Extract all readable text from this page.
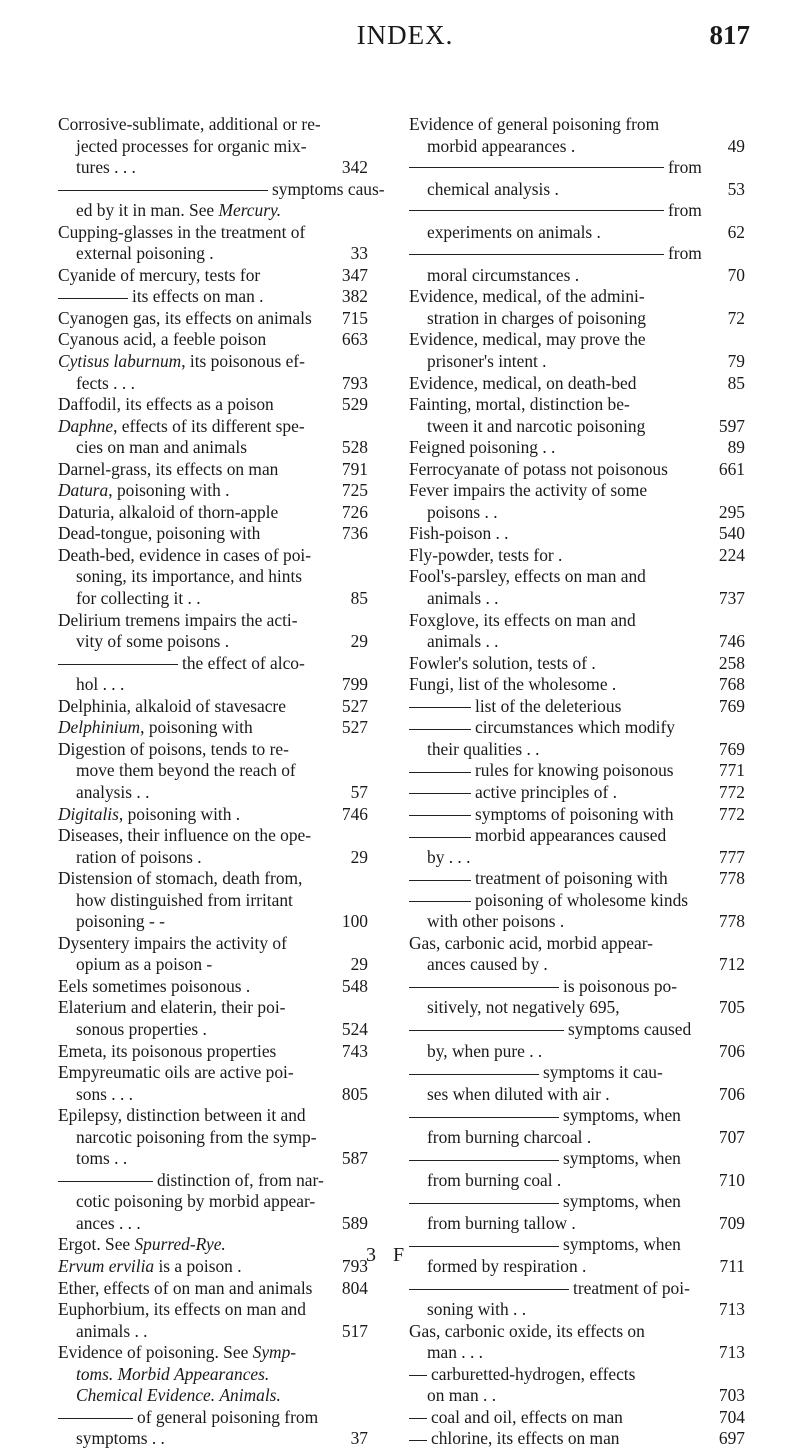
INDEX.	817
Corrosive-sublimate, additional or re-
jected processes for organic mix-
tures . . .	342
symptoms caus-
ed by it in man. See Mercury.
Cupping-glasses in the treatment of
external poisoning .	33
Cyanide of mercury, tests for	347
its effects on man .	382
Cyanogen gas, its effects on animals	715
Cyanous acid, a feeble poison	663
Cytisus laburnum, its poisonous ef-
fects . . .	793
Daffodil, its effects as a poison	529
Daphne, effects of its different spe-
cies on man and animals	528
Darnel-grass, its effects on man	791
Datura, poisoning with .	725
Daturia, alkaloid of thorn-apple	726
Dead-tongue, poisoning with	736
Death-bed, evidence in cases of poi-
soning, its importance, and hints
for collecting it . .	85
Delirium tremens impairs the acti-
vity of some poisons .	29
the effect of alco-
hol . . .	799
Delphinia, alkaloid of stavesacre	527
Delphinium, poisoning with	527
Digestion of poisons, tends to re-
move them beyond the reach of
analysis . .	57
Digitalis, poisoning with .	746
Diseases, their influence on the ope-
ration of poisons .	29
Distension of stomach, death from,
how distinguished from irritant
poisoning - -	100
Dysentery impairs the activity of
opium as a poison -	29
Eels sometimes poisonous .	548
Elaterium and elaterin, their poi-
sonous properties .	524
Emeta, its poisonous properties	743
Empyreumatic oils are active poi-
sons . . .	805
Epilepsy, distinction between it and
narcotic poisoning from the symp-
toms . .	587
distinction of, from nar-
cotic poisoning by morbid appear-
ances . . .	589
Ergot. See Spurred-Rye.
Ervum ervilia is a poison .	793
Ether, effects of on man and animals	804
Euphorbium, its effects on man and
animals . .	517
Evidence of poisoning. See Symp-
toms. Morbid Appearances.
Chemical Evidence. Animals.
of general poisoning from
symptoms . .	37
Evidence of general poisoning from
morbid appearances .	49
from
chemical analysis .	53
from
experiments on animals .	62
from
moral circumstances .	70
Evidence, medical, of the admini-
stration in charges of poisoning	72
Evidence, medical, may prove the
prisoner's intent .	79
Evidence, medical, on death-bed	85
Fainting, mortal, distinction be-
tween it and narcotic poisoning	597
Feigned poisoning . .	89
Ferrocyanate of potass not poisonous	661
Fever impairs the activity of some
poisons . .	295
Fish-poison . .	540
Fly-powder, tests for .	224
Fool's-parsley, effects on man and
animals . .	737
Foxglove, its effects on man and
animals . .	746
Fowler's solution, tests of .	258
Fungi, list of the wholesome .	768
list of the deleterious	769
circumstances which modify
their qualities . .	769
rules for knowing poisonous	771
active principles of .	772
symptoms of poisoning with	772
morbid appearances caused
by . . .	777
treatment of poisoning with	778
poisoning of wholesome kinds
with other poisons .	778
Gas, carbonic acid, morbid appear-
ances caused by .	712
is poisonous po-
sitively, not negatively 695,	705
symptoms caused
by, when pure . .	706
symptoms it cau-
ses when diluted with air .	706
symptoms, when
from burning charcoal .	707
symptoms, when
from burning coal .	710
symptoms, when
from burning tallow .	709
symptoms, when
formed by respiration .	711
treatment of poi-
soning with . .	713
Gas, carbonic oxide, its effects on
man . . .	713
carburetted-hydrogen, effects
on man . .	703
coal and oil, effects on man	704
chlorine, its effects on man	697
3 F
